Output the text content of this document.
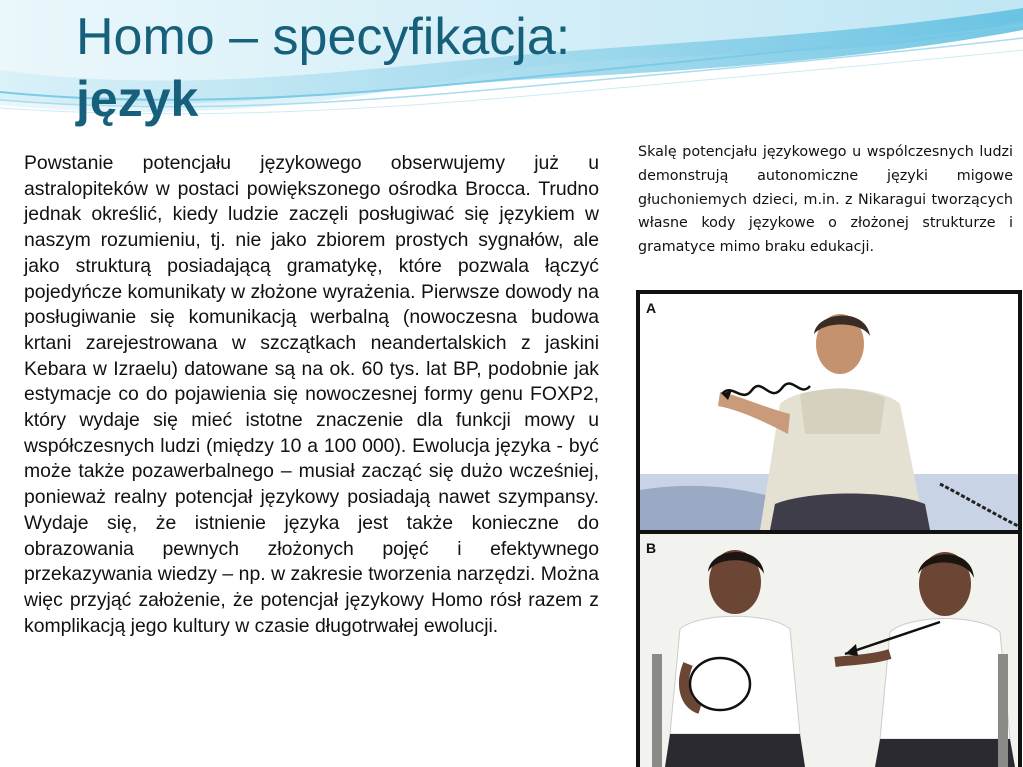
Homo – specyfikacja:
język

Powstanie potencjału językowego obserwujemy już u astralopiteków w postaci powiększonego ośrodka Brocca. Trudno jednak określić, kiedy ludzie zaczęli posługiwać się językiem w naszym rozumieniu, tj. nie jako zbiorem prostych sygnałów, ale jako strukturą posiadającą gramatykę, które pozwala łączyć pojedyńcze komunikaty w złożone wyrażenia. Pierwsze dowody na posługiwanie się komunikacją werbalną (nowoczesna budowa krtani zarejestrowana w szczątkach neandertalskich z jaskini Kebara w Izraelu) datowane są na ok. 60 tys. lat BP, podobnie jak estymacje co do pojawienia się nowoczesnej formy genu FOXP2, który wydaje się mieć istotne znaczenie dla funkcji mowy u współczesnych ludzi (między 10 a 100 000). Ewolucja języka - być może także pozawerbalnego – musiał zacząć się dużo wcześniej, ponieważ realny potencjał językowy posiadają nawet szympansy. Wydaje się, że istnienie języka jest także konieczne do obrazowania pewnych złożonych pojęć i efektywnego przekazywania wiedzy – np. w zakresie tworzenia narzędzi. Można więc przyjąć założenie, że potencjał językowy Homo rósł razem z komplikacją jego kultury w czasie długotrwałej ewolucji.

Skalę potencjału językowego u wspólczesnych ludzi demonstrują autonomiczne języki migowe głuchoniemych dzieci, m.in. z Nikaragui tworzących własne kody językowe o złożonej strukturze i gramatyce mimo braku edukacji.

A
B
